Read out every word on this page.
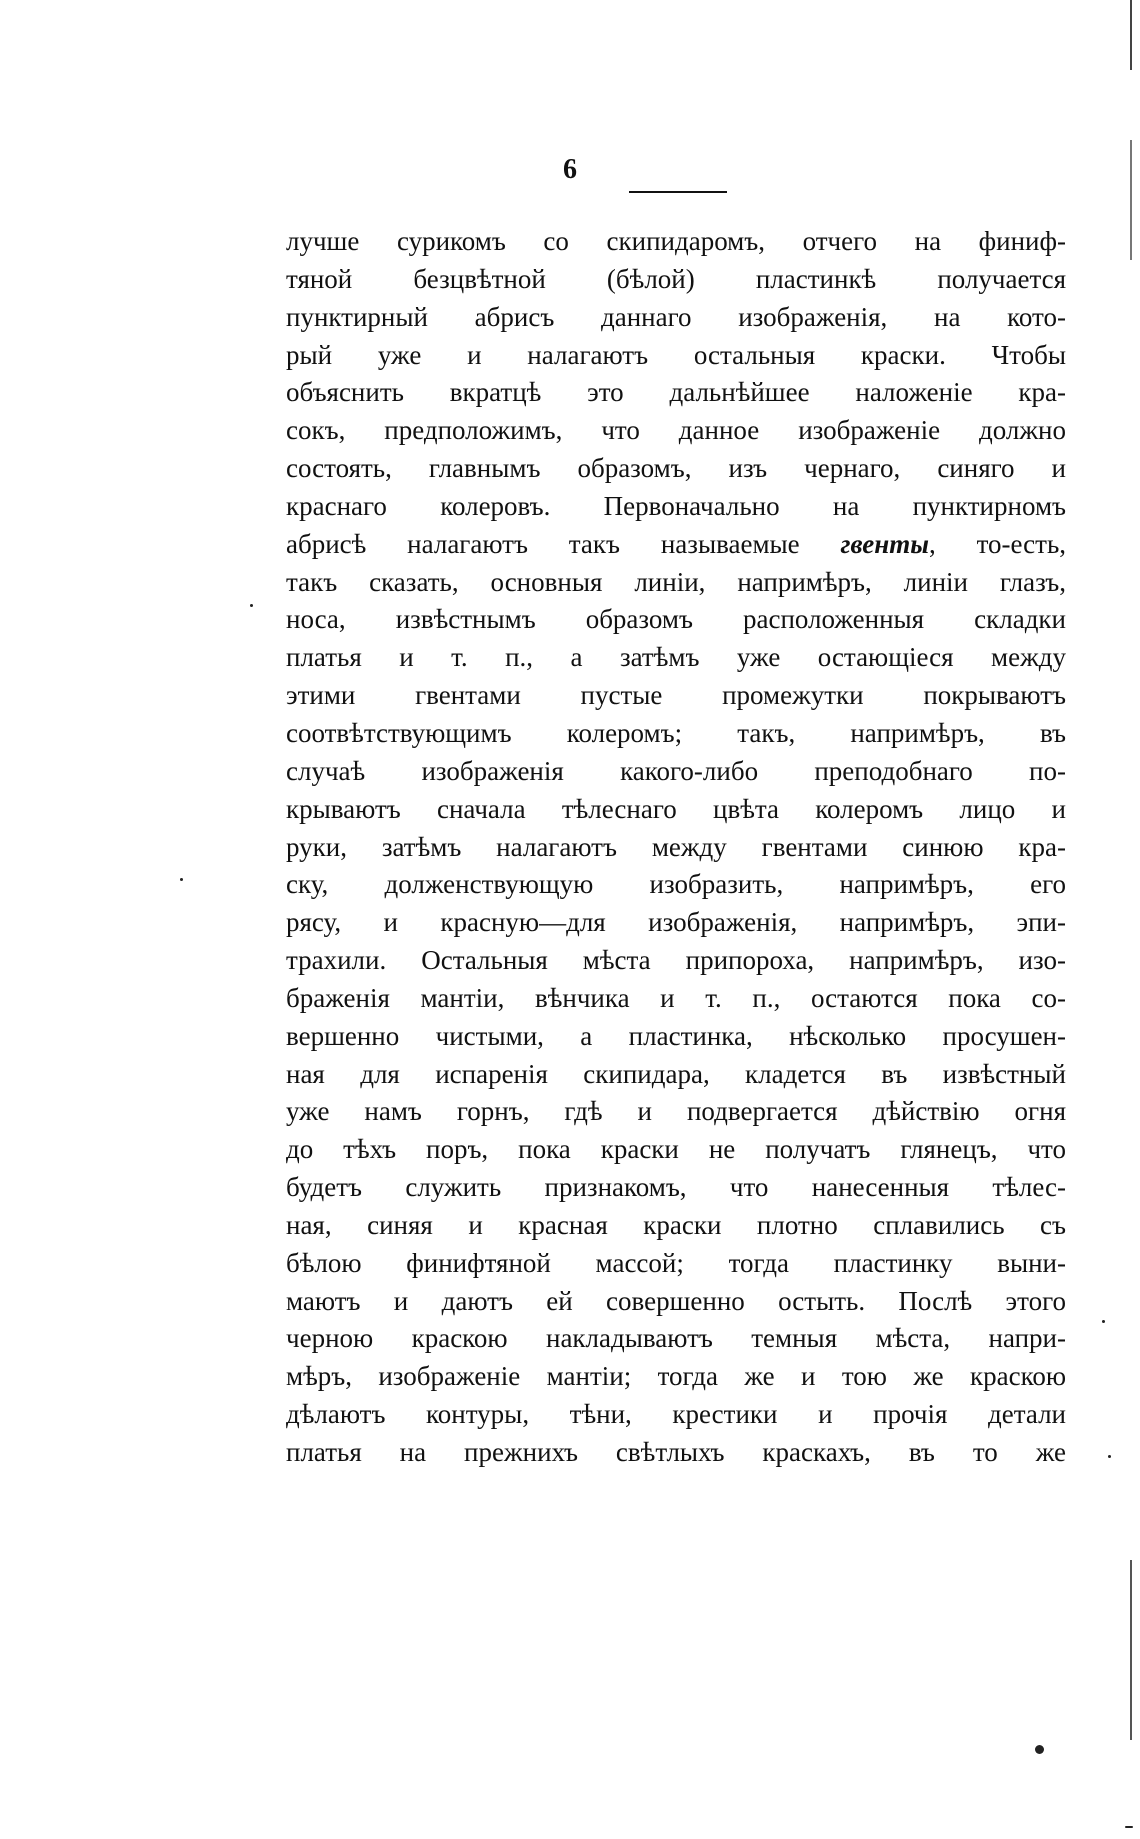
6
лучше сурикомъ со скипидаромъ, отчего на финиф-
тяной безцвѣтной (бѣлой) пластинкѣ получается
пунктирный абрисъ даннаго изображенія, на кото-
рый уже и налагаютъ остальныя краски. Чтобы
объяснить вкратцѣ это дальнѣйшее наложеніе кра-
сокъ, предположимъ, что данное изображеніе должно
состоять, главнымъ образомъ, изъ чернаго, синяго и
краснаго колеровъ. Первоначально на пунктирномъ
абрисѣ налагаютъ такъ называемые гвенты, то-есть,
такъ сказать, основныя линіи, напримѣръ, линіи глазъ,
носа, извѣстнымъ образомъ расположенныя складки
платья и т. п., а затѣмъ уже остающіеся между
этими гвентами пустые промежутки покрываютъ
соотвѣтствующимъ колеромъ; такъ, напримѣръ, въ
случаѣ изображенія какого-либо преподобнаго по-
крываютъ сначала тѣлеснаго цвѣта колеромъ лицо и
руки, затѣмъ налагаютъ между гвентами синюю кра-
ску, долженствующую изобразить, напримѣръ, его
рясу, и красную—для изображенія, напримѣръ, эпи-
трахили. Остальныя мѣста припороха, напримѣръ, изо-
браженія мантіи, вѣнчика и т. п., остаются пока со-
вершенно чистыми, а пластинка, нѣсколько просушен-
ная для испаренія скипидара, кладется въ извѣстный
уже намъ горнъ, гдѣ и подвергается дѣйствію огня
до тѣхъ поръ, пока краски не получатъ глянецъ, что
будетъ служить признакомъ, что нанесенныя тѣлес-
ная, синяя и красная краски плотно сплавились съ
бѣлою финифтяной массой; тогда пластинку выни-
маютъ и даютъ ей совершенно остыть. Послѣ этого
черною краскою накладываютъ темныя мѣста, напри-
мѣръ, изображеніе мантіи; тогда же и тою же краскою
дѣлаютъ контуры, тѣни, крестики и прочія детали
платья на прежнихъ свѣтлыхъ краскахъ, въ то же
